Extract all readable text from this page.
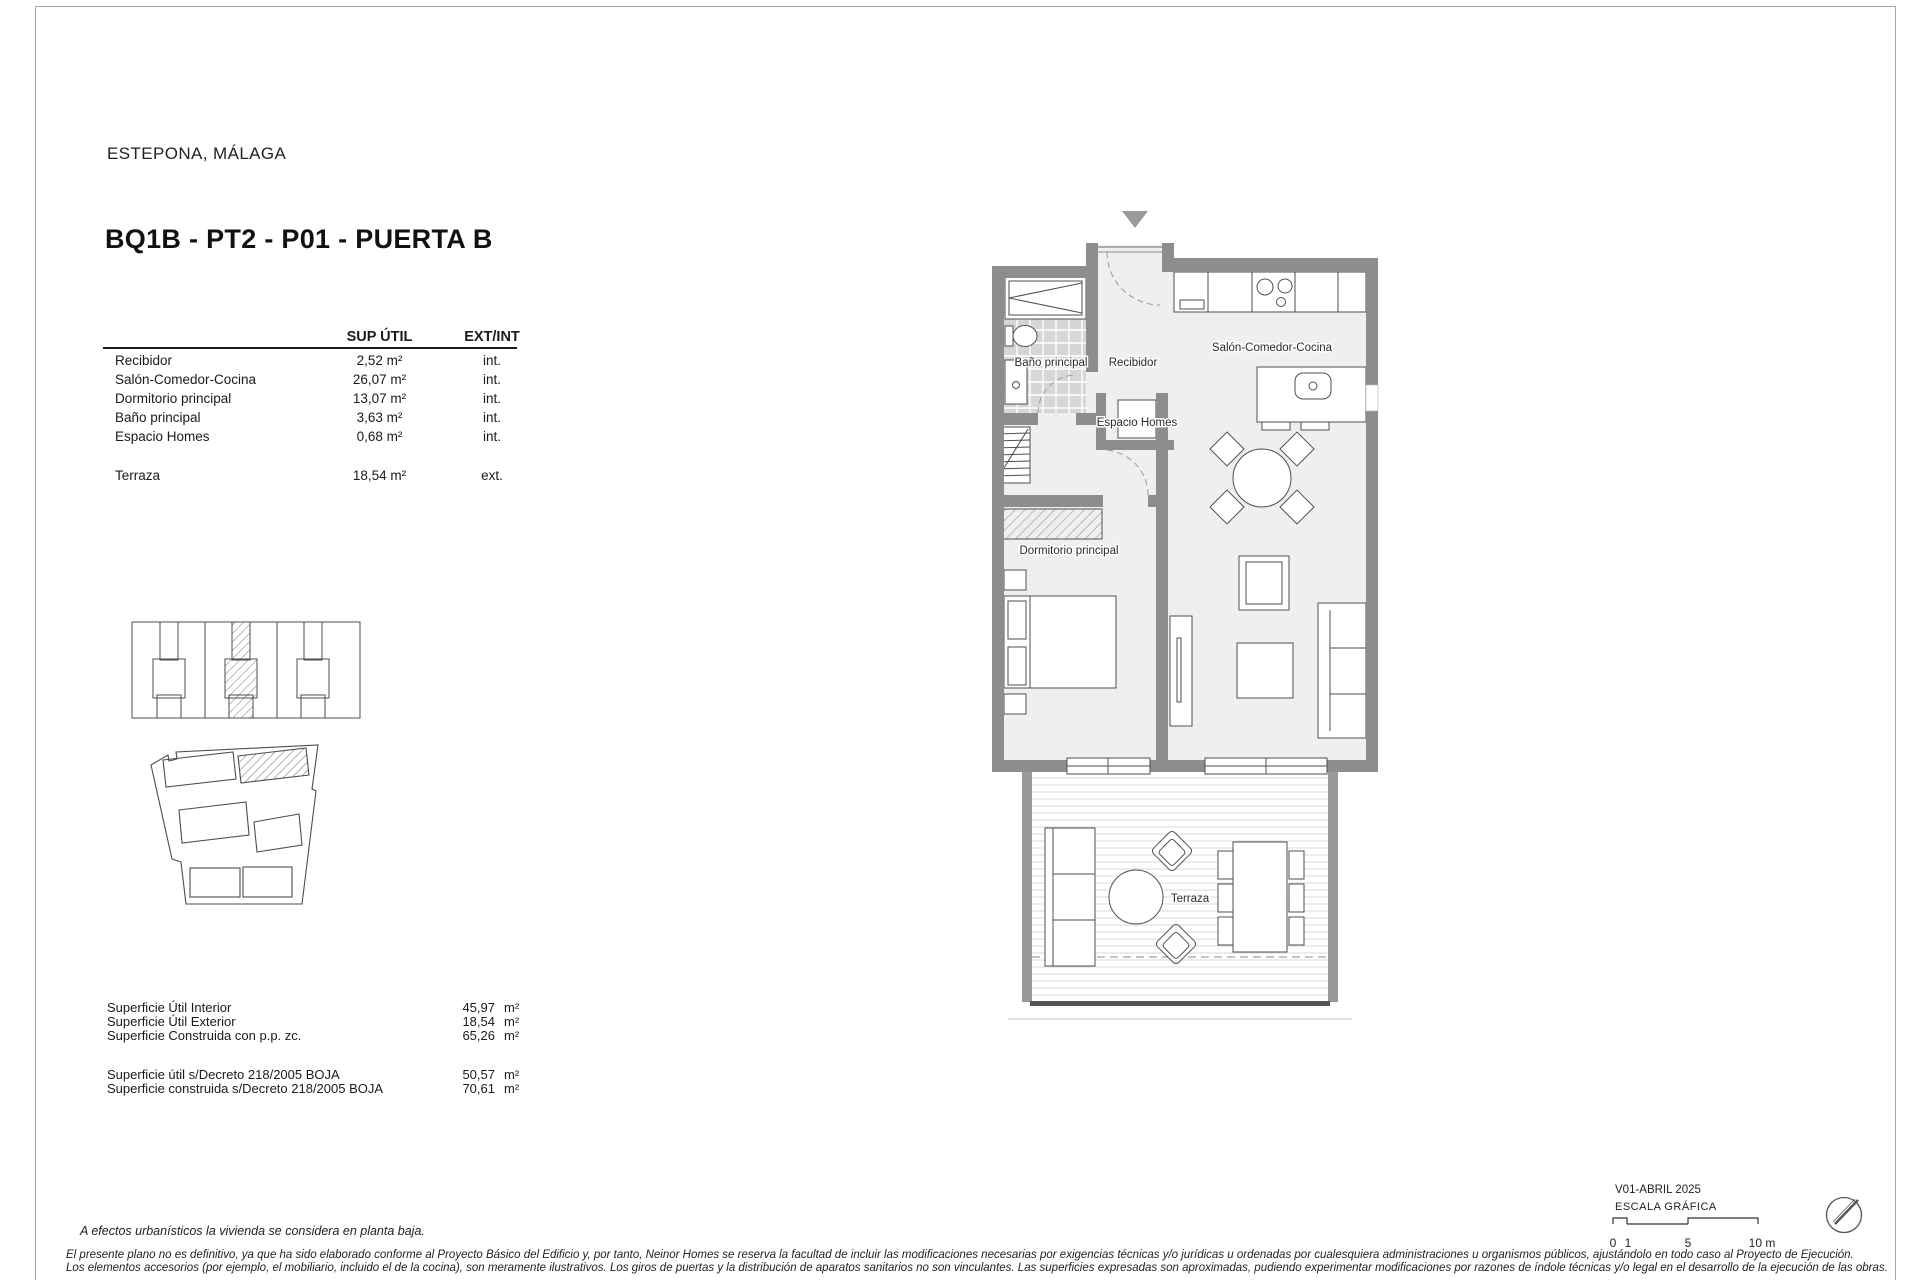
ESTEPONA, MÁLAGA
BQ1B - PT2 - P01 - PUERTA B
SUP ÚTIL	EXT/INT
Recibidor	2,52 m²	int.
Salón-Comedor-Cocina	26,07 m²	int.
Dormitorio principal	13,07 m²	int.
Baño principal	3,63 m²	int.
Espacio Homes	0,68 m²	int.
Terraza	18,54 m²	ext.
Baño principal Recibidor
Salón-Comedor-Cocina
Espacio Homes
Dormitorio principal
Terraza
Superficie Útil Interior	45,97 m²
Superficie Útil Exterior	18,54 m²
Superficie Construida con p.p. zc.	65,26 m²
Superficie útil s/Decreto 218/2005 BOJA	50,57 m²
Superficie construida s/Decreto 218/2005 BOJA	70,61 m²
V01-ABRIL 2025
ESCALA GRÁFICA
0 1	5	10 m
A efectos urbanísticos la vivienda se considera en planta baja.
El presente plano no es definitivo, ya que ha sido elaborado conforme al Proyecto Básico del Edificio y, por tanto, Neinor Homes se reserva la facultad de incluir las modificaciones necesarias por exigencias técnicas y/o jurídicas u ordenadas por cualesquiera administraciones u organismos públicos, ajustándolo en todo caso al Proyecto de Ejecución.
Los elementos accesorios (por ejemplo, el mobiliario, incluido el de la cocina), son meramente ilustrativos. Los giros de puertas y la distribución de aparatos sanitarios no son vinculantes. Las superficies expresadas son aproximadas, pudiendo experimentar modificaciones por razones de índole técnicas y/o legal en el desarrollo de la ejecución de las obras.
